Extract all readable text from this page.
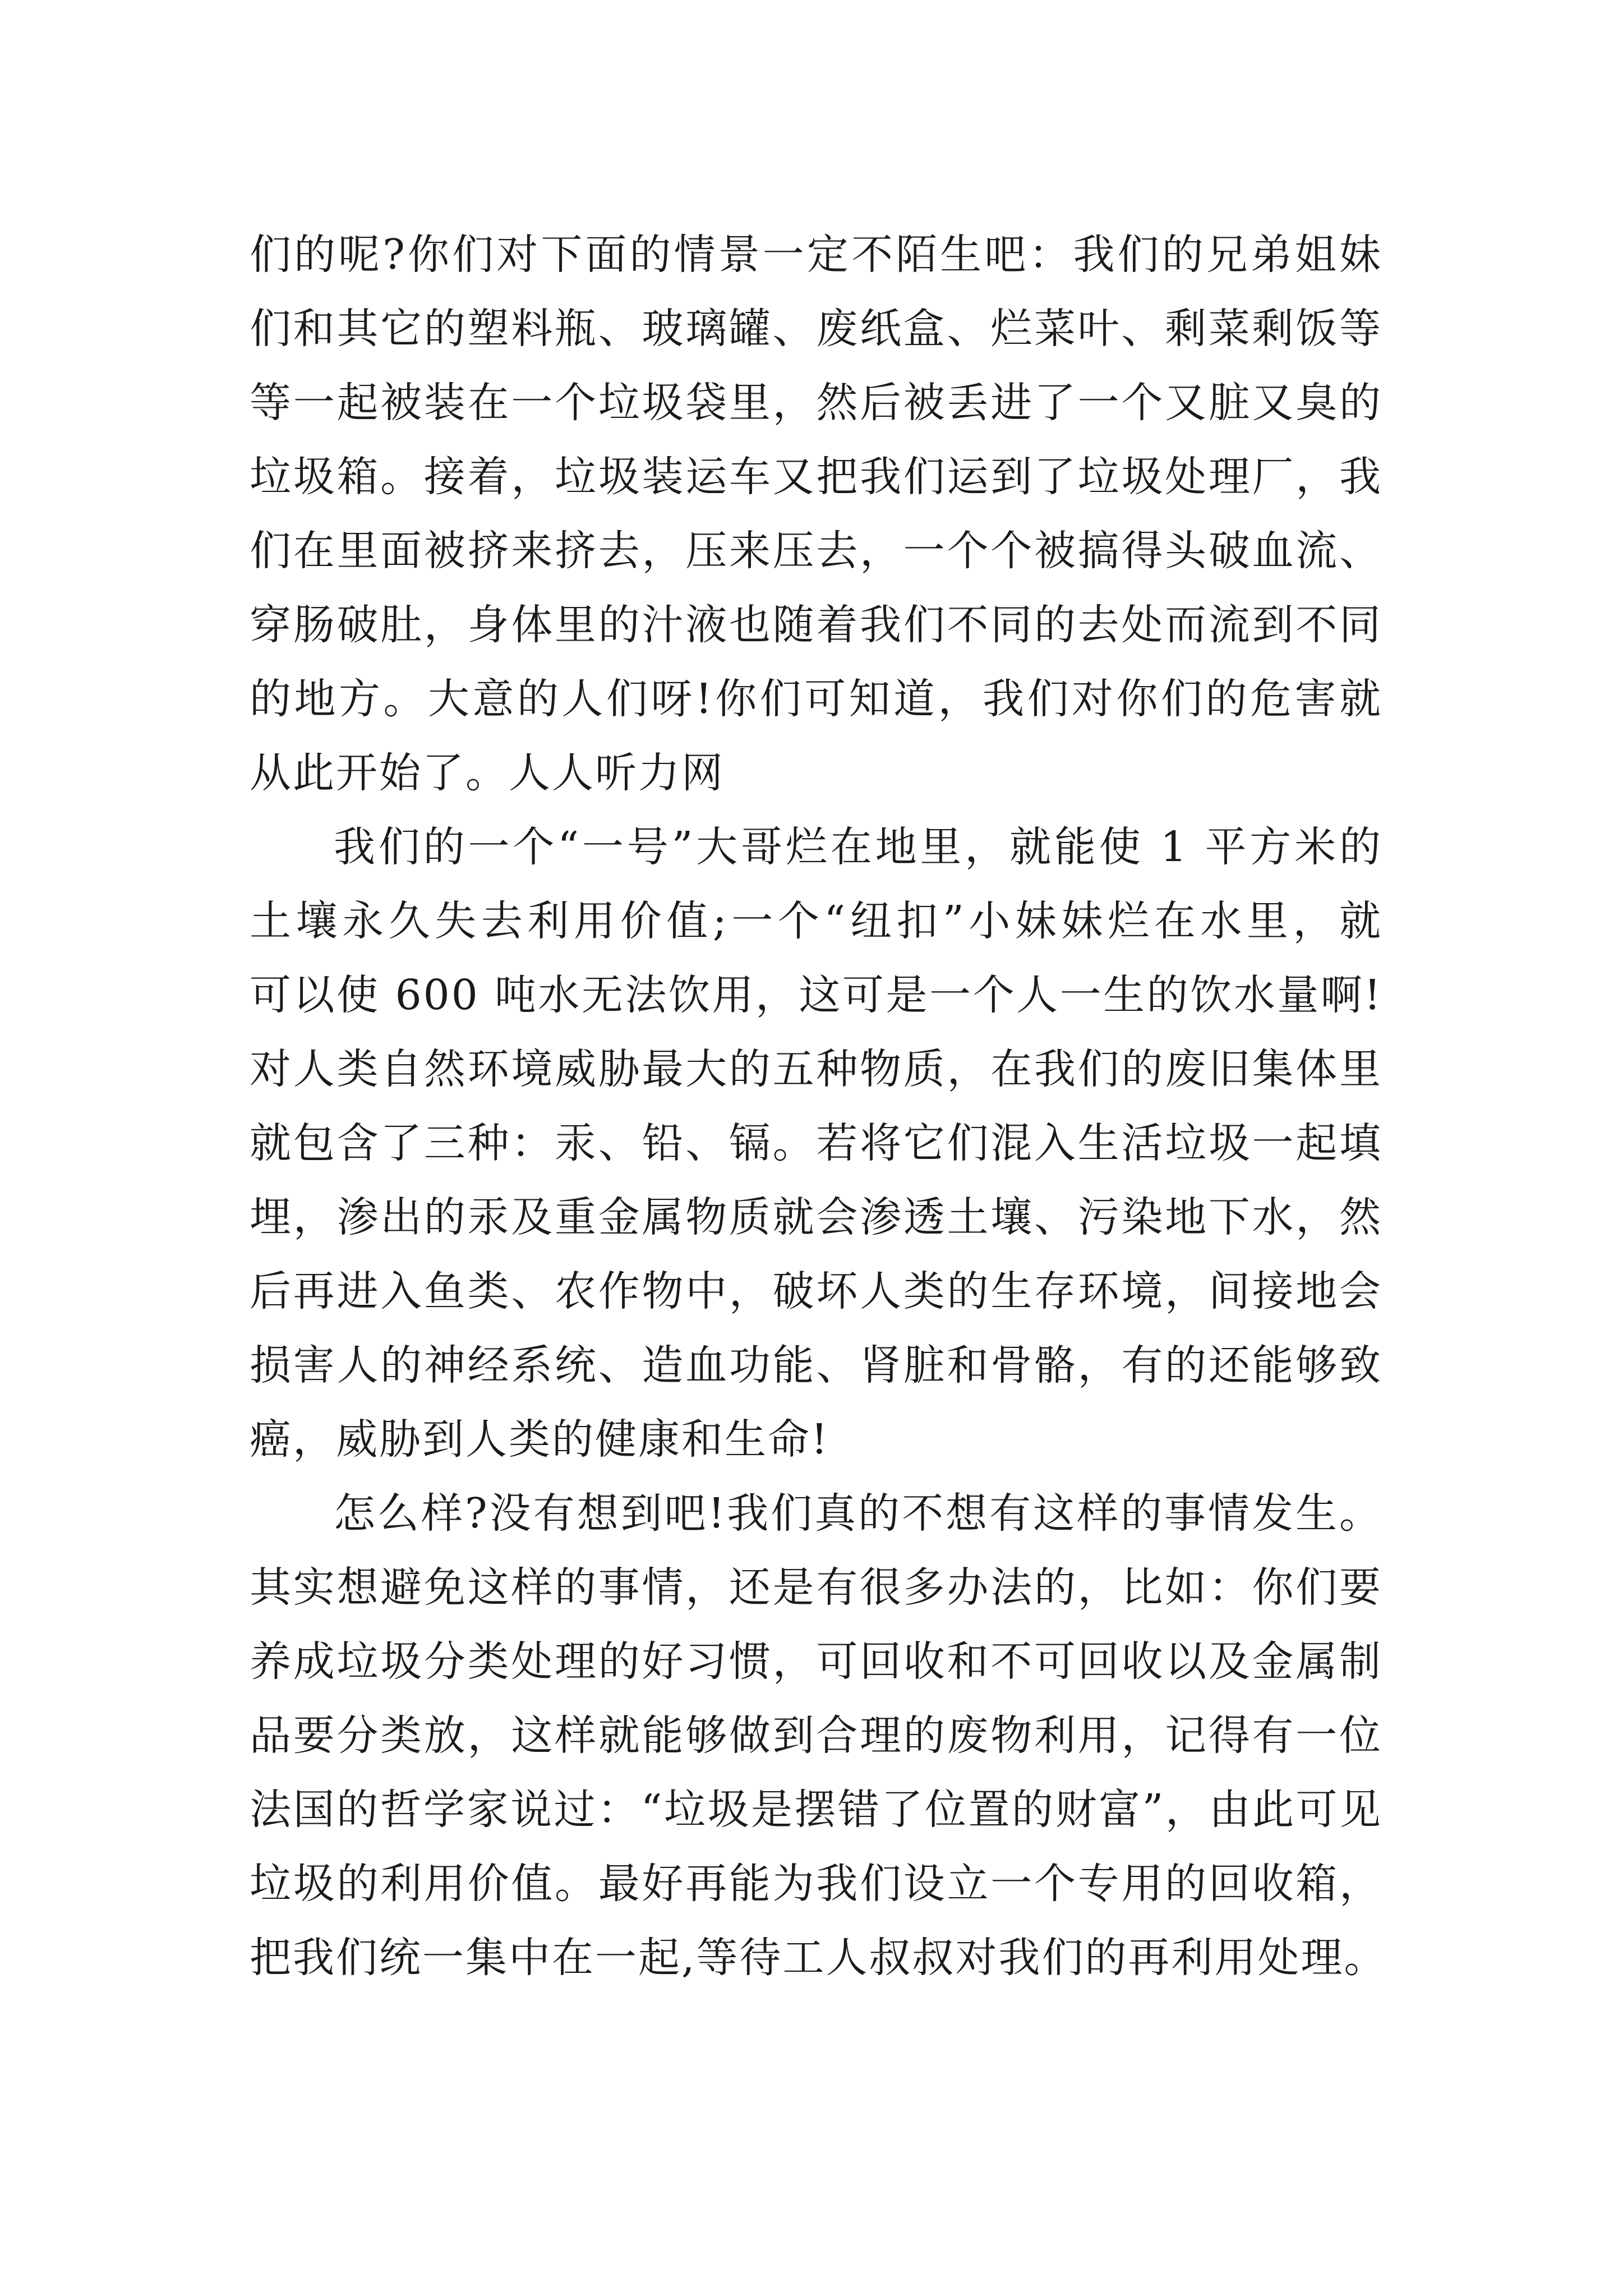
们的呢?你们对下面的情景一定不陌生吧：我们的兄弟姐妹
们和其它的塑料瓶、玻璃罐、废纸盒、烂菜叶、剩菜剩饭等
等一起被装在一个垃圾袋里，然后被丢进了一个又脏又臭的
垃圾箱。接着，垃圾装运车又把我们运到了垃圾处理厂，我
们在里面被挤来挤去，压来压去，一个个被搞得头破血流、
穿肠破肚，身体里的汁液也随着我们不同的去处而流到不同
的地方。大意的人们呀!你们可知道，我们对你们的危害就
从此开始了。人人听力网
我们的一个“一号”大哥烂在地里，就能使 1 平方米的
土壤永久失去利用价值;一个“纽扣”小妹妹烂在水里，就
可以使 600 吨水无法饮用，这可是一个人一生的饮水量啊!
对人类自然环境威胁最大的五种物质，在我们的废旧集体里
就包含了三种：汞、铅、镉。若将它们混入生活垃圾一起填
埋，渗出的汞及重金属物质就会渗透土壤、污染地下水，然
后再进入鱼类、农作物中，破坏人类的生存环境，间接地会
损害人的神经系统、造血功能、肾脏和骨骼，有的还能够致
癌，威胁到人类的健康和生命!
怎么样?没有想到吧!我们真的不想有这样的事情发生。
其实想避免这样的事情，还是有很多办法的，比如：你们要
养成垃圾分类处理的好习惯，可回收和不可回收以及金属制
品要分类放，这样就能够做到合理的废物利用，记得有一位
法国的哲学家说过：“垃圾是摆错了位置的财富”，由此可见
垃圾的利用价值。最好再能为我们设立一个专用的回收箱，
把我们统一集中在一起,等待工人叔叔对我们的再利用处理。
